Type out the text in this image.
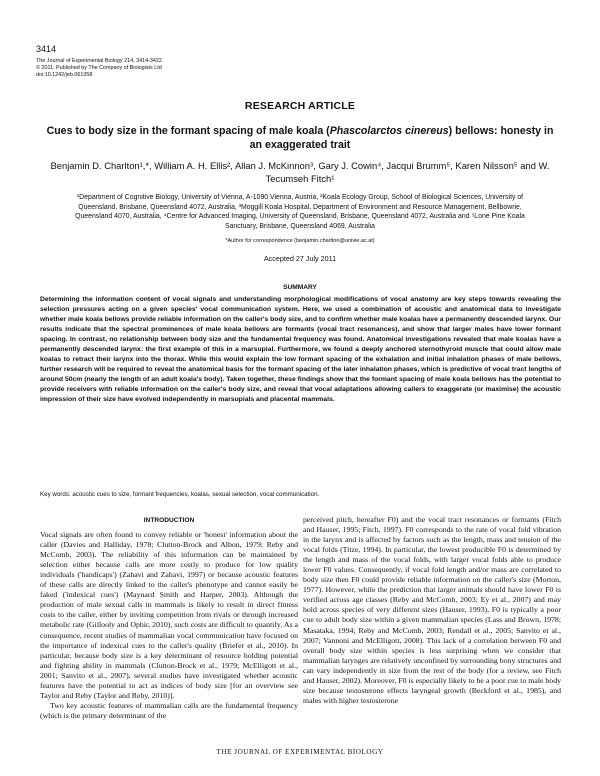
3414
The Journal of Experimental Biology 214, 3414-3422
© 2011. Published by The Company of Biologists Ltd
doi:10.1242/jeb.061358
RESEARCH ARTICLE
Cues to body size in the formant spacing of male koala (Phascolarctos cinereus) bellows: honesty in an exaggerated trait
Benjamin D. Charlton¹,*, William A. H. Ellis², Allan J. McKinnon³, Gary J. Cowin⁴, Jacqui Brumm⁵, Karen Nilsson⁵ and W. Tecumseh Fitch¹
¹Department of Cognitive Biology, University of Vienna, A-1090 Vienna, Austria, ²Koala Ecology Group, School of Biological Sciences, University of Queensland, Brisbane, Queensland 4072, Australia, ³Moggill Koala Hospital, Department of Environment and Resource Management, Bellbowrie, Queensland 4070, Australia, ⁴Centre for Advanced Imaging, University of Queensland, Brisbane, Queensland 4072, Australia and ⁵Lone Pine Koala Sanctuary, Brisbane, Queensland 4069, Australia
*Author for correspondence (benjamin.charlton@univie.ac.at)
Accepted 27 July 2011
SUMMARY
Determining the information content of vocal signals and understanding morphological modifications of vocal anatomy are key steps towards revealing the selection pressures acting on a given species' vocal communication system. Here, we used a combination of acoustic and anatomical data to investigate whether male koala bellows provide reliable information on the caller's body size, and to confirm whether male koalas have a permanently descended larynx. Our results indicate that the spectral prominences of male koala bellows are formants (vocal tract resonances), and show that larger males have lower formant spacing. In contrast, no relationship between body size and the fundamental frequency was found. Anatomical investigations revealed that male koalas have a permanently descended larynx: the first example of this in a marsupial. Furthermore, we found a deeply anchored sternothyroid muscle that could allow male koalas to retract their larynx into the thorax. While this would explain the low formant spacing of the exhalation and initial inhalation phases of male bellows, further research will be required to reveal the anatomical basis for the formant spacing of the later inhalation phases, which is predictive of vocal tract lengths of around 50cm (nearly the length of an adult koala's body). Taken together, these findings show that the formant spacing of male koala bellows has the potential to provide receivers with reliable information on the caller's body size, and reveal that vocal adaptations allowing callers to exaggerate (or maximise) the acoustic impression of their size have evolved independently in marsupials and placental mammals.
Key words: acoustic cues to size, formant frequencies, koalas, sexual selection, vocal communication.
INTRODUCTION

Vocal signals are often found to convey reliable or 'honest' information about the caller (Davies and Halliday, 1978; Clutton-Brock and Albon, 1979; Reby and McComb, 2003). The reliability of this information can be maintained by selection either because calls are more costly to produce for low quality individuals ('handicaps') (Zahavi and Zahavi, 1997) or because acoustic features of these calls are directly linked to the caller's phenotype and cannot easily be faked ('indexical cues') (Maynard Smith and Harper, 2003). Although the production of male sexual calls in mammals is likely to result in direct fitness costs to the caller, either by inviting competition from rivals or through increased metabolic rate (Gillooly and Ophir, 2010), such costs are difficult to quantify. As a consequence, recent studies of mammalian vocal communication have focused on the importance of indexical cues to the caller's quality (Briefer et al., 2010). In particular, because body size is a key determinant of resource holding potential and fighting ability in mammals (Clutton-Brock et al., 1979; McElligott et al., 2001; Sanvito et al., 2007), several studies have investigated whether acoustic features have the potential to act as indices of body size [for an overview see Taylor and Reby (Taylor and Reby, 2010)].

Two key acoustic features of mammalian calls are the fundamental frequency (which is the primary determinant of the

perceived pitch, hereafter F0) and the vocal tract resonances or formants (Fitch and Hauser, 1995; Fitch, 1997). F0 corresponds to the rate of vocal fold vibration in the larynx and is affected by factors such as the length, mass and tension of the vocal folds (Titze, 1994). In particular, the lowest producible F0 is determined by the length and mass of the vocal folds, with larger vocal folds able to produce lower F0 values. Consequently, if vocal fold length and/or mass are correlated to body size then F0 could provide reliable information on the caller's size (Morton, 1977). However, while the prediction that larger animals should have lower F0 is verified across age classes (Reby and McComb, 2003; Ey et al., 2007) and may hold across species of very different sizes (Hauser, 1993), F0 is typically a poor cue to adult body size within a given mammalian species (Lass and Brown, 1978; Masataka, 1994; Reby and McComb, 2003; Rendall et al., 2005; Sanvito et al., 2007; Vannoni and McElligott, 2008). This lack of a correlation between F0 and overall body size within species is less surprising when we consider that mammalian larynges are relatively unconfined by surrounding bony structures and can vary independently in size from the rest of the body (for a review, see Fitch and Hauser, 2002). Moreover, F0 is especially likely to be a poor cue to male body size because testosterone effects laryngeal growth (Beckford et al., 1985), and males with higher testosterone

THE JOURNAL OF EXPERIMENTAL BIOLOGY
